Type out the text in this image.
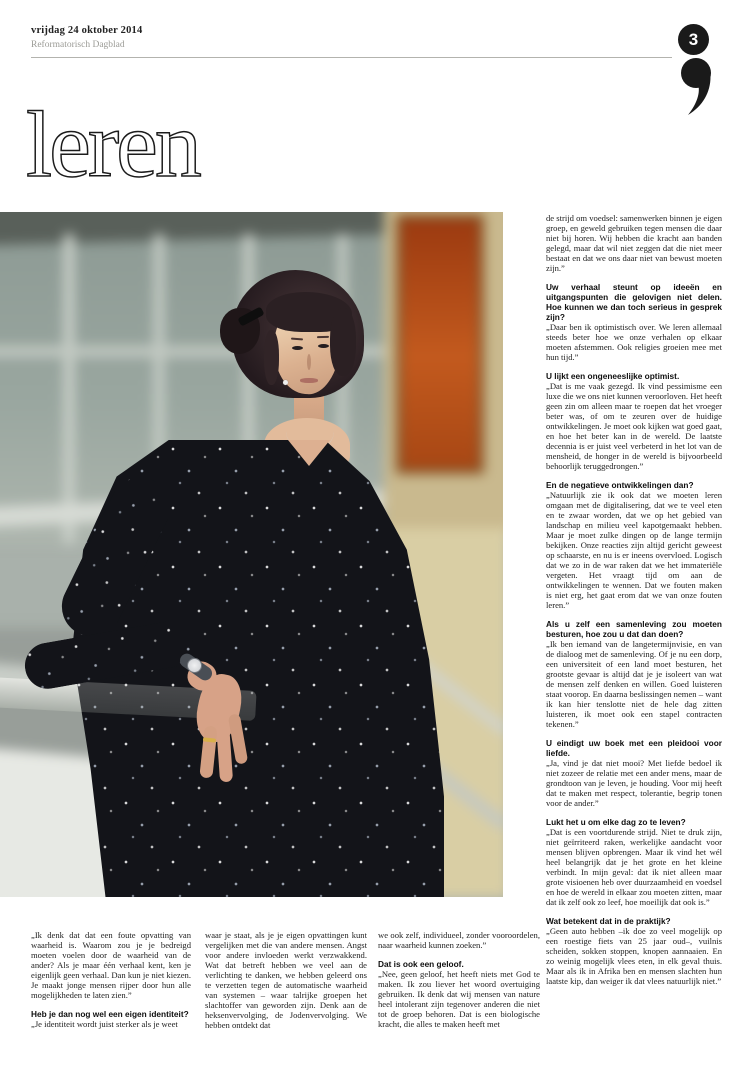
vrijdag 24 oktober 2014
Reformatorisch Dagblad	3
leren

„Ik denk dat dat een foute opvatting van waarheid is. Waarom zou je je bedreigd moeten voelen door de waarheid van de ander? Als je maar één verhaal kent, ken je eigenlijk geen verhaal. Dan kun je niet kiezen. Je maakt jonge mensen rijper door hun alle mogelijkheden te laten zien.”

Heb je dan nog wel een eigen identiteit?

„Je identiteit wordt juist sterker als je weet

waar je staat, als je je eigen opvattingen kunt vergelijken met die van andere mensen. Angst voor andere invloeden werkt verzwakkend. Wat dat betreft hebben we veel aan de verlichting te danken, we hebben geleerd ons te verzetten tegen de automatische waarheid van systemen – waar talrijke groepen het slachtoffer van geworden zijn. Denk aan de heksenvervolging, de Jodenvervolging. We hebben ontdekt dat

we ook zelf, individueel, zonder vooroordelen, naar waarheid kunnen zoeken.”

Dat is ook een geloof.

„Nee, geen geloof, het heeft niets met God te maken. Ik zou liever het woord overtuiging gebruiken. Ik denk dat wij mensen van nature heel intolerant zijn tegenover anderen die niet tot de groep behoren. Dat is een biologische kracht, die alles te maken heeft met

de strijd om voedsel: samenwerken binnen je eigen groep, en geweld gebruiken tegen mensen die daar niet bij horen. Wij hebben die kracht aan banden gelegd, maar dat wil niet zeggen dat die niet meer bestaat en dat we ons daar niet van bewust moeten zijn.”

Uw verhaal steunt op ideeën en uitgangspunten die gelovigen niet delen. Hoe kunnen we dan toch serieus in gesprek zijn?

„Daar ben ik optimistisch over. We leren allemaal steeds beter hoe we onze verhalen op elkaar moeten afstemmen. Ook religies groeien mee met hun tijd.”

U lijkt een ongeneeslijke optimist.

„Dat is me vaak gezegd. Ik vind pessimisme een luxe die we ons niet kunnen veroorloven. Het heeft geen zin om alleen maar te roepen dat het vroeger beter was, of om te zeuren over de huidige ontwikkelingen. Je moet ook kijken wat goed gaat, en hoe het beter kan in de wereld. De laatste decennia is er juist veel verbeterd in het lot van de mensheid, de honger in de wereld is bijvoorbeeld behoorlijk teruggedrongen.”

En de negatieve ontwikkelingen dan?

„Natuurlijk zie ik ook dat we moeten leren omgaan met de digitalisering, dat we te veel eten en te zwaar worden, dat we op het gebied van landschap en milieu veel kapotgemaakt hebben. Maar je moet zulke dingen op de lange termijn bekijken. Onze reacties zijn altijd gericht geweest op schaarste, en nu is er ineens overvloed. Logisch dat we zo in de war raken dat we het immateriële vergeten. Het vraagt tijd om aan de ontwikkelingen te wennen. Dat we fouten maken is niet erg, het gaat erom dat we van onze fouten leren.”

Als u zelf een samenleving zou moeten besturen, hoe zou u dat dan doen?

„Ik ben iemand van de langetermijnvisie, en van de dialoog met de samenleving. Of je nu een dorp, een universiteit of een land moet besturen, het grootste gevaar is altijd dat je je isoleert van wat de mensen zelf denken en willen. Goed luisteren staat voorop. En daarna beslissingen nemen – want ik kan hier tenslotte niet de hele dag zitten luisteren, ik moet ook een stapel contracten tekenen.”

U eindigt uw boek met een pleidooi voor liefde.

„Ja, vind je dat niet mooi? Met liefde bedoel ik niet zozeer de relatie met een ander mens, maar de grondtoon van je leven, je houding. Voor mij heeft dat te maken met respect, tolerantie, begrip tonen voor de ander.”

Lukt het u om elke dag zo te leven?

„Dat is een voortdurende strijd. Niet te druk zijn, niet geïrriteerd raken, werkelijke aandacht voor mensen blijven opbrengen. Maar ik vind het wél heel belangrijk dat je het grote en het kleine verbindt. In mijn geval: dat ik niet alleen maar grote visioenen heb over duurzaamheid en voedsel en hoe de wereld in elkaar zou moeten zitten, maar dat ik zelf ook zo leef, hoe moeilijk dat ook is.”

Wat betekent dat in de praktijk?

„Geen auto hebben –ik doe zo veel mogelijk op een roestige fiets van 25 jaar oud–, vuilnis scheiden, sokken stoppen, knopen aannaaien. En zo weinig mogelijk vlees eten, in elk geval thuis. Maar als ik in Afrika ben en mensen slachten hun laatste kip, dan weiger ik dat vlees natuurlijk niet.”
